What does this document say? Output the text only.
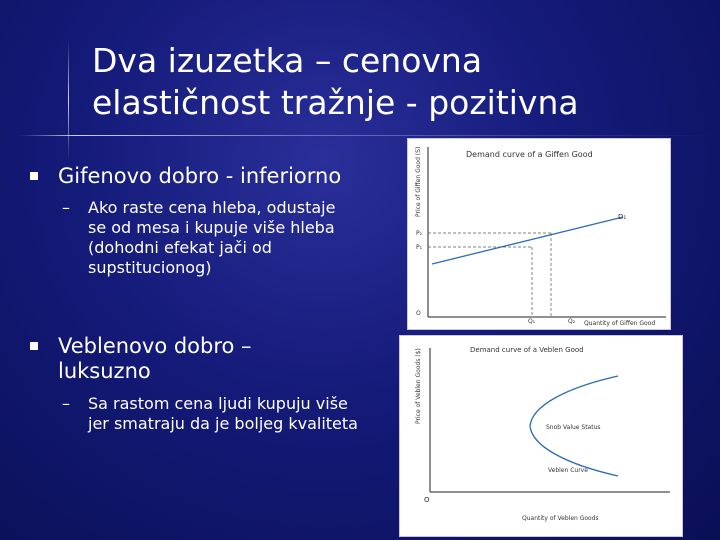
Dva izuzetka – cenovna
elastičnost tražnje - pozitivna
Gifenovo dobro - inferiorno
– Ako raste cena hleba, odustaje
se od mesa i kupuje više hleba
(dohodni efekat jači od
supstitucionog)
Veblenovo dobro –
luksuzno
– Sa rastom cena ljudi kupuju više
jer smatraju da je boljeg kvaliteta
Demand curve of a Giffen Good
Price of Giffen Good (S)	D₁
P₂
P₁
Q₁	Q₂
O
Quantity of Giffen Good
Demand curve of a Veblen Good
Price of Veblen Goods ($)
Snob Value Status
Veblen Curve
O
Quantity of Veblen Goods
